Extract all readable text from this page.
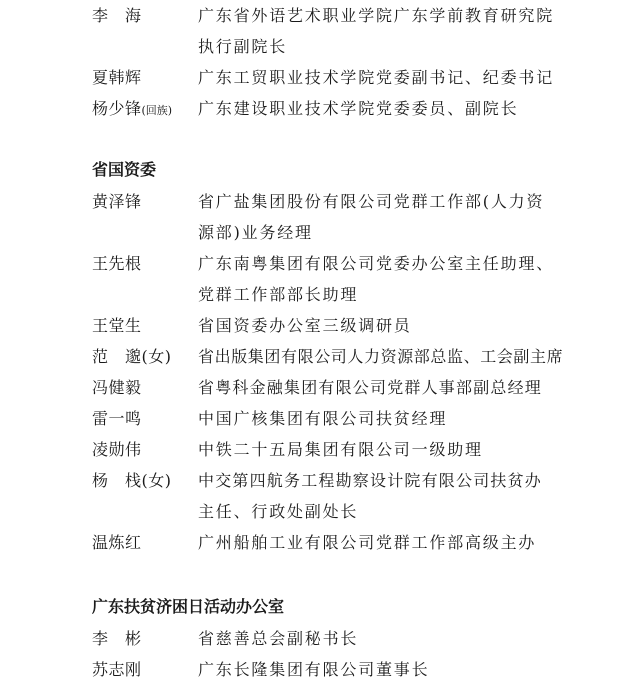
李　海	广东省外语艺术职业学院广东学前教育研究院
执行副院长
夏韩辉	广东工贸职业技术学院党委副书记、纪委书记
杨少锋(回族) 广东建设职业技术学院党委委员、副院长
省国资委
黄泽锋	省广盐集团股份有限公司党群工作部(人力资
源部)业务经理
王先根	广东南粤集团有限公司党委办公室主任助理、
党群工作部部长助理
王堂生	省国资委办公室三级调研员
范　邈(女) 省出版集团有限公司人力资源部总监、工会副主席
冯健毅	省粤科金融集团有限公司党群人事部副总经理
雷一鸣	中国广核集团有限公司扶贫经理
凌勋伟	中铁二十五局集团有限公司一级助理
杨　栈(女) 中交第四航务工程勘察设计院有限公司扶贫办
主任、行政处副处长
温炼红	广州船舶工业有限公司党群工作部高级主办
广东扶贫济困日活动办公室
李　彬	省慈善总会副秘书长
苏志刚	广东长隆集团有限公司董事长
